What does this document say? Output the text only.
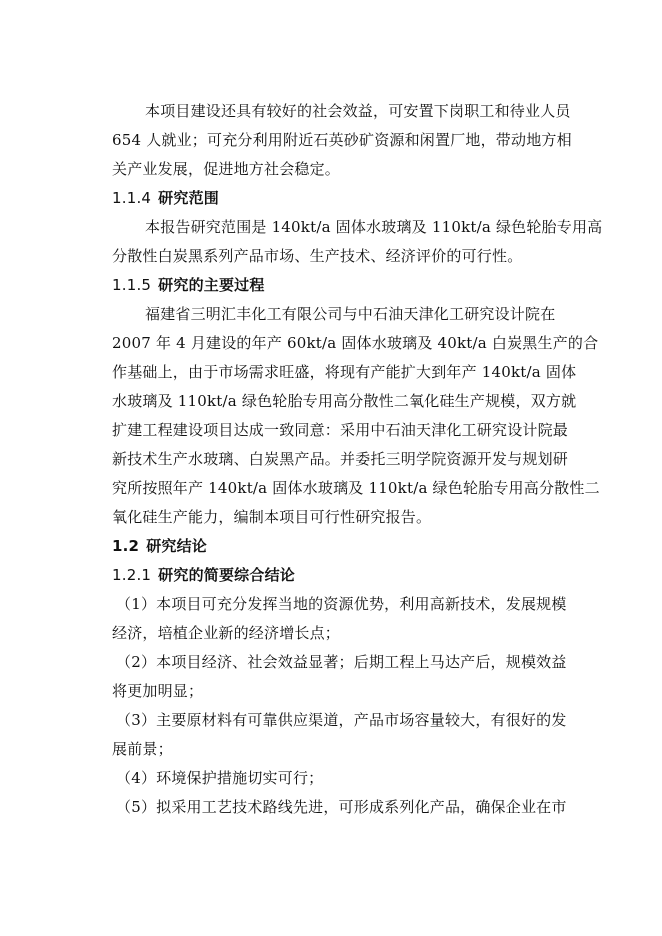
本项目建设还具有较好的社会效益，可安置下岗职工和待业人员
654 人就业；可充分利用附近石英砂矿资源和闲置厂地，带动地方相
关产业发展，促进地方社会稳定。
1.1.4 研究范围
本报告研究范围是 140kt/a 固体水玻璃及 110kt/a 绿色轮胎专用高
分散性白炭黑系列产品市场、生产技术、经济评价的可行性。
1.1.5 研究的主要过程
福建省三明汇丰化工有限公司与中石油天津化工研究设计院在
2007 年 4 月建设的年产 60kt/a 固体水玻璃及 40kt/a 白炭黑生产的合
作基础上，由于市场需求旺盛，将现有产能扩大到年产 140kt/a 固体
水玻璃及 110kt/a 绿色轮胎专用高分散性二氧化硅生产规模，双方就
扩建工程建设项目达成一致同意：采用中石油天津化工研究设计院最
新技术生产水玻璃、白炭黑产品。并委托三明学院资源开发与规划研
究所按照年产 140kt/a 固体水玻璃及 110kt/a 绿色轮胎专用高分散性二
氧化硅生产能力，编制本项目可行性研究报告。
1.2 研究结论
1.2.1 研究的简要综合结论
（1）本项目可充分发挥当地的资源优势，利用高新技术，发展规模
经济，培植企业新的经济增长点；
（2）本项目经济、社会效益显著；后期工程上马达产后，规模效益
将更加明显；
（3）主要原材料有可靠供应渠道，产品市场容量较大，有很好的发
展前景；
（4）环境保护措施切实可行；
（5）拟采用工艺技术路线先进，可形成系列化产品，确保企业在市
